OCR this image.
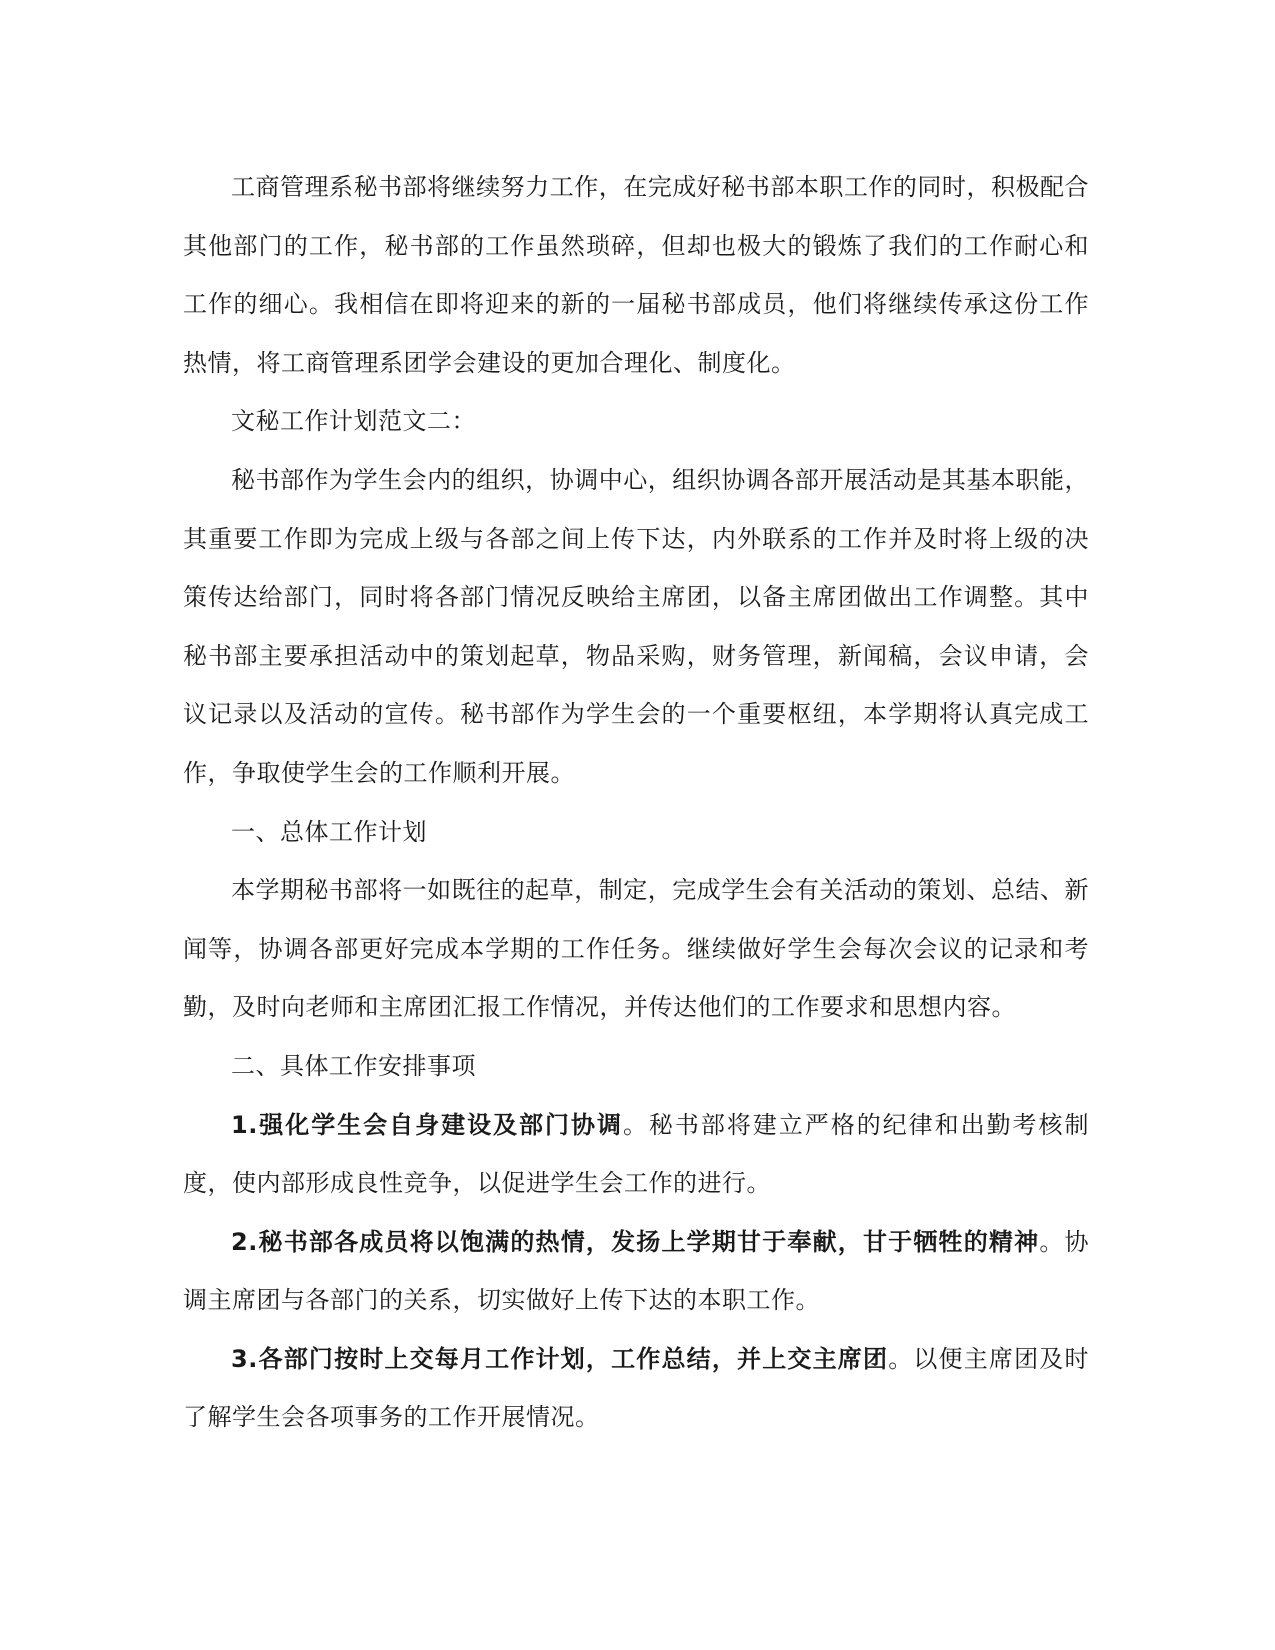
工商管理系秘书部将继续努力工作，在完成好秘书部本职工作的同时，积极配合其他部门的工作，秘书部的工作虽然琐碎，但却也极大的锻炼了我们的工作耐心和工作的细心。我相信在即将迎来的新的一届秘书部成员，他们将继续传承这份工作热情，将工商管理系团学会建设的更加合理化、制度化。

文秘工作计划范文二：

秘书部作为学生会内的组织，协调中心，组织协调各部开展活动是其基本职能，其重要工作即为完成上级与各部之间上传下达，内外联系的工作并及时将上级的决策传达给部门，同时将各部门情况反映给主席团，以备主席团做出工作调整。其中秘书部主要承担活动中的策划起草，物品采购，财务管理，新闻稿，会议申请，会议记录以及活动的宣传。秘书部作为学生会的一个重要枢纽，本学期将认真完成工作，争取使学生会的工作顺利开展。

一、总体工作计划

本学期秘书部将一如既往的起草，制定，完成学生会有关活动的策划、总结、新闻等，协调各部更好完成本学期的工作任务。继续做好学生会每次会议的记录和考勤，及时向老师和主席团汇报工作情况，并传达他们的工作要求和思想内容。

二、具体工作安排事项

1.强化学生会自身建设及部门协调。秘书部将建立严格的纪律和出勤考核制度，使内部形成良性竞争，以促进学生会工作的进行。

2.秘书部各成员将以饱满的热情，发扬上学期甘于奉献，甘于牺牲的精神。协调主席团与各部门的关系，切实做好上传下达的本职工作。

3.各部门按时上交每月工作计划，工作总结，并上交主席团。以便主席团及时了解学生会各项事务的工作开展情况。
